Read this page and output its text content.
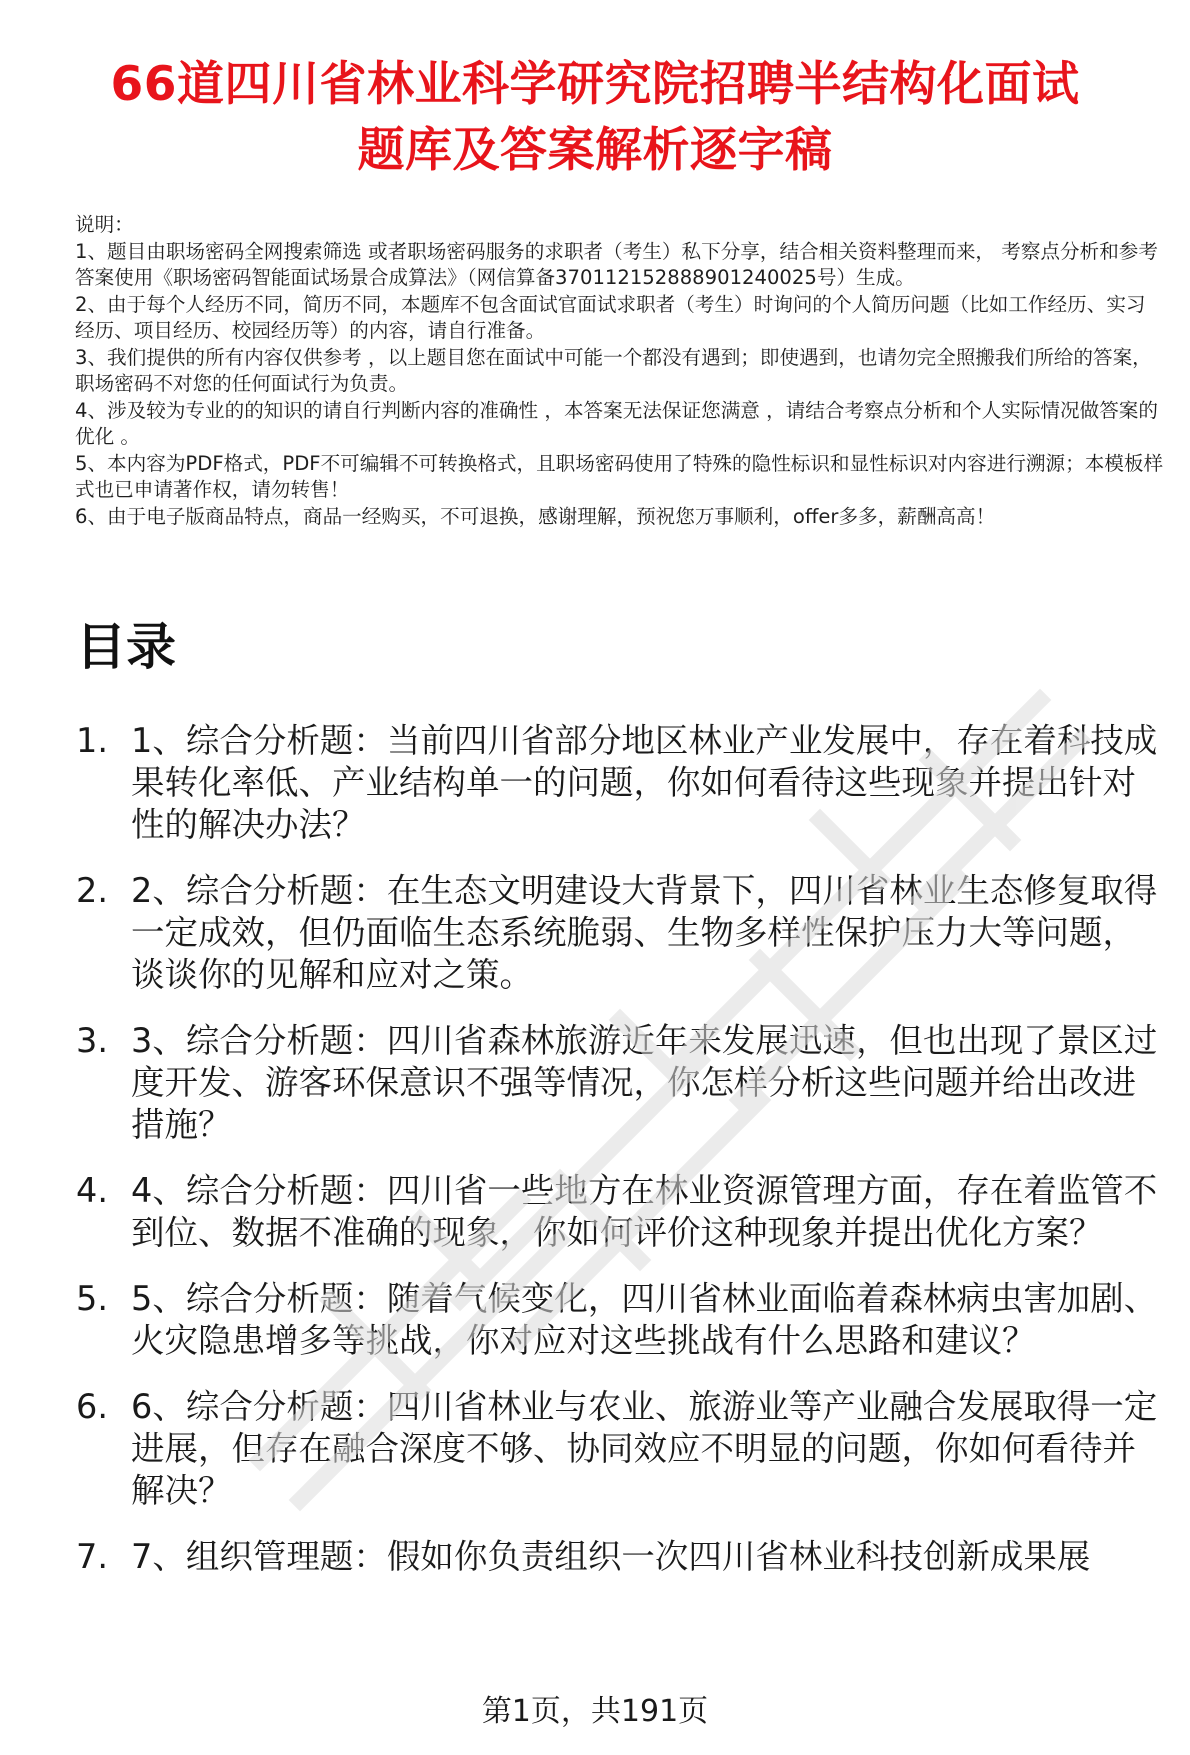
66道四川省林业科学研究院招聘半结构化面试
题库及答案解析逐字稿

说明：

1、题目由职场密码全网搜索筛选 或者职场密码服务的求职者（考生）私下分享，结合相关资料整理而来， 考察点分析和参考答案使用《职场密码智能面试场景合成算法》（网信算备370112152888901240025号）生成。

2、由于每个人经历不同，简历不同，本题库不包含面试官面试求职者（考生）时询问的个人简历问题（比如工作经历、实习经历、项目经历、校园经历等）的内容，请自行准备。

3、我们提供的所有内容仅供参考 ，以上题目您在面试中可能一个都没有遇到；即使遇到，也请勿完全照搬我们所给的答案，职场密码不对您的任何面试行为负责。

4、涉及较为专业的的知识的请自行判断内容的准确性 ，本答案无法保证您满意 ，请结合考察点分析和个人实际情况做答案的优化 。

5、本内容为PDF格式，PDF不可编辑不可转换格式，且职场密码使用了特殊的隐性标识和显性标识对内容进行溯源；本模板样式也已申请著作权，请勿转售！

6、由于电子版商品特点，商品一经购买，不可退换，感谢理解，预祝您万事顺利，offer多多，薪酬高高！

目录
1. 1、综合分析题：当前四川省部分地区林业产业发展中，存在着科技成果转化率低、产业结构单一的问题，你如何看待这些现象并提出针对性的解决办法？
2. 2、综合分析题：在生态文明建设大背景下，四川省林业生态修复取得一定成效，但仍面临生态系统脆弱、生物多样性保护压力大等问题，谈谈你的见解和应对之策。
3. 3、综合分析题：四川省森林旅游近年来发展迅速，但也出现了景区过度开发、游客环保意识不强等情况，你怎样分析这些问题并给出改进措施？
4. 4、综合分析题：四川省一些地方在林业资源管理方面，存在着监管不到位、数据不准确的现象，你如何评价这种现象并提出优化方案？
5. 5、综合分析题：随着气候变化，四川省林业面临着森林病虫害加剧、火灾隐患增多等挑战，你对应对这些挑战有什么思路和建议？
6. 6、综合分析题：四川省林业与农业、旅游业等产业融合发展取得一定进展，但存在融合深度不够、协同效应不明显的问题，你如何看待并解决？
7. 7、组织管理题：假如你负责组织一次四川省林业科技创新成果展
第1页，共191页
